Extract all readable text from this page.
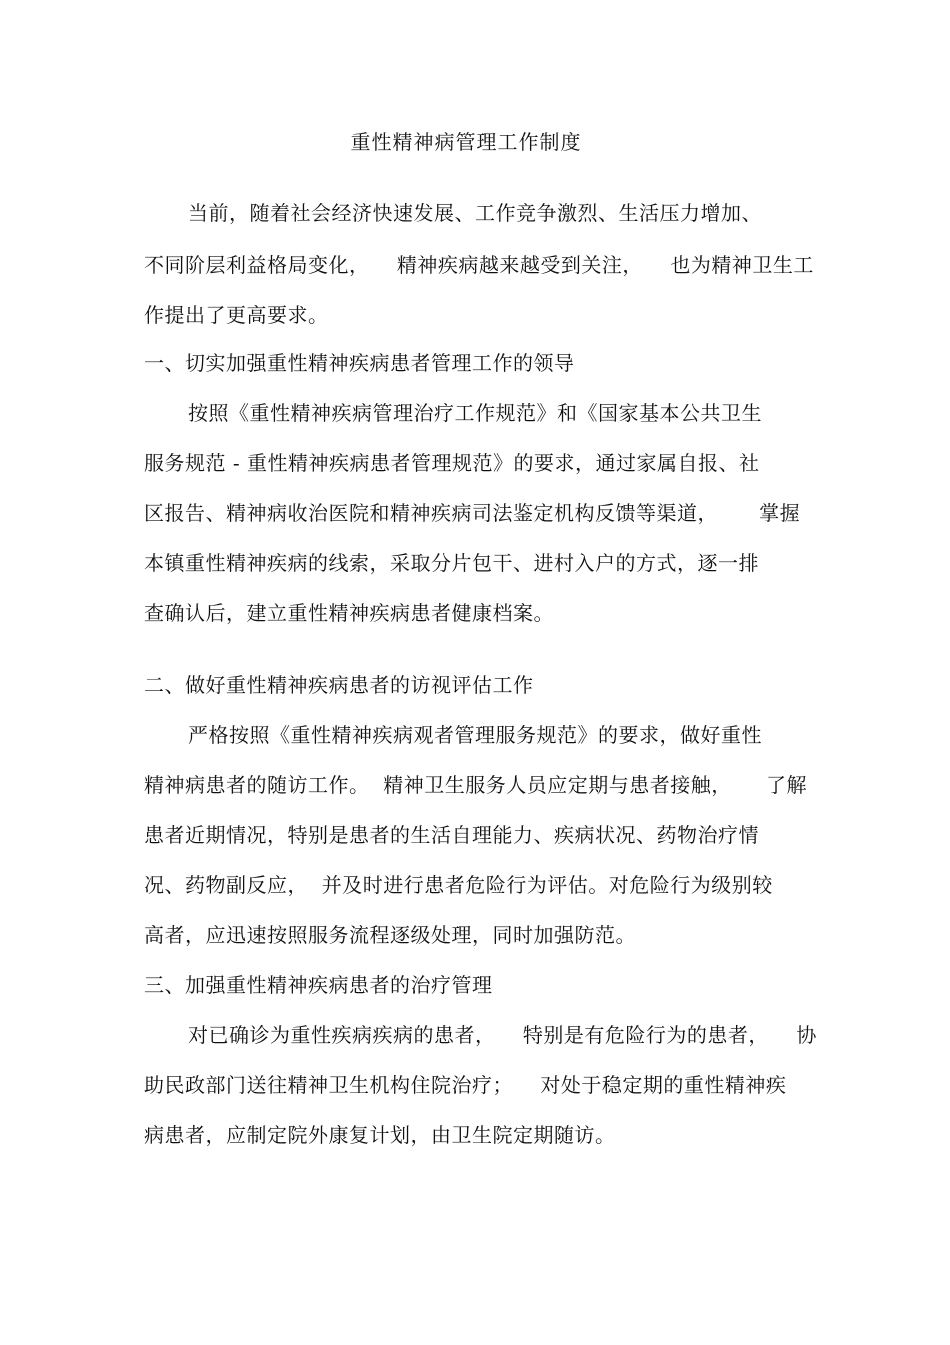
重性精神病管理工作制度
当前，随着社会经济快速发展、工作竞争激烈、生活压力增加、
不同阶层利益格局变化，    精神疾病越来越受到关注，    也为精神卫生工
作提出了更高要求。
一、切实加强重性精神疾病患者管理工作的领导
按照《重性精神疾病管理治疗工作规范》和《国家基本公共卫生
服务规范 - 重性精神疾病患者管理规范》的要求，通过家属自报、社
区报告、精神病收治医院和精神疾病司法鉴定机构反馈等渠道，      掌握
本镇重性精神疾病的线索，采取分片包干、进村入户的方式，逐一排
查确认后，建立重性精神疾病患者健康档案。
二、做好重性精神疾病患者的访视评估工作
严格按照《重性精神疾病观者管理服务规范》的要求，做好重性
精神病患者的随访工作。  精神卫生服务人员应定期与患者接触，     了解
患者近期情况，特别是患者的生活自理能力、疾病状况、药物治疗情
况、药物副反应，  并及时进行患者危险行为评估。对危险行为级别较
高者，应迅速按照服务流程逐级处理，同时加强防范。
三、加强重性精神疾病患者的治疗管理
对已确诊为重性疾病疾病的患者，    特别是有危险行为的患者，    协
助民政部门送往精神卫生机构住院治疗；    对处于稳定期的重性精神疾
病患者，应制定院外康复计划，由卫生院定期随访。
